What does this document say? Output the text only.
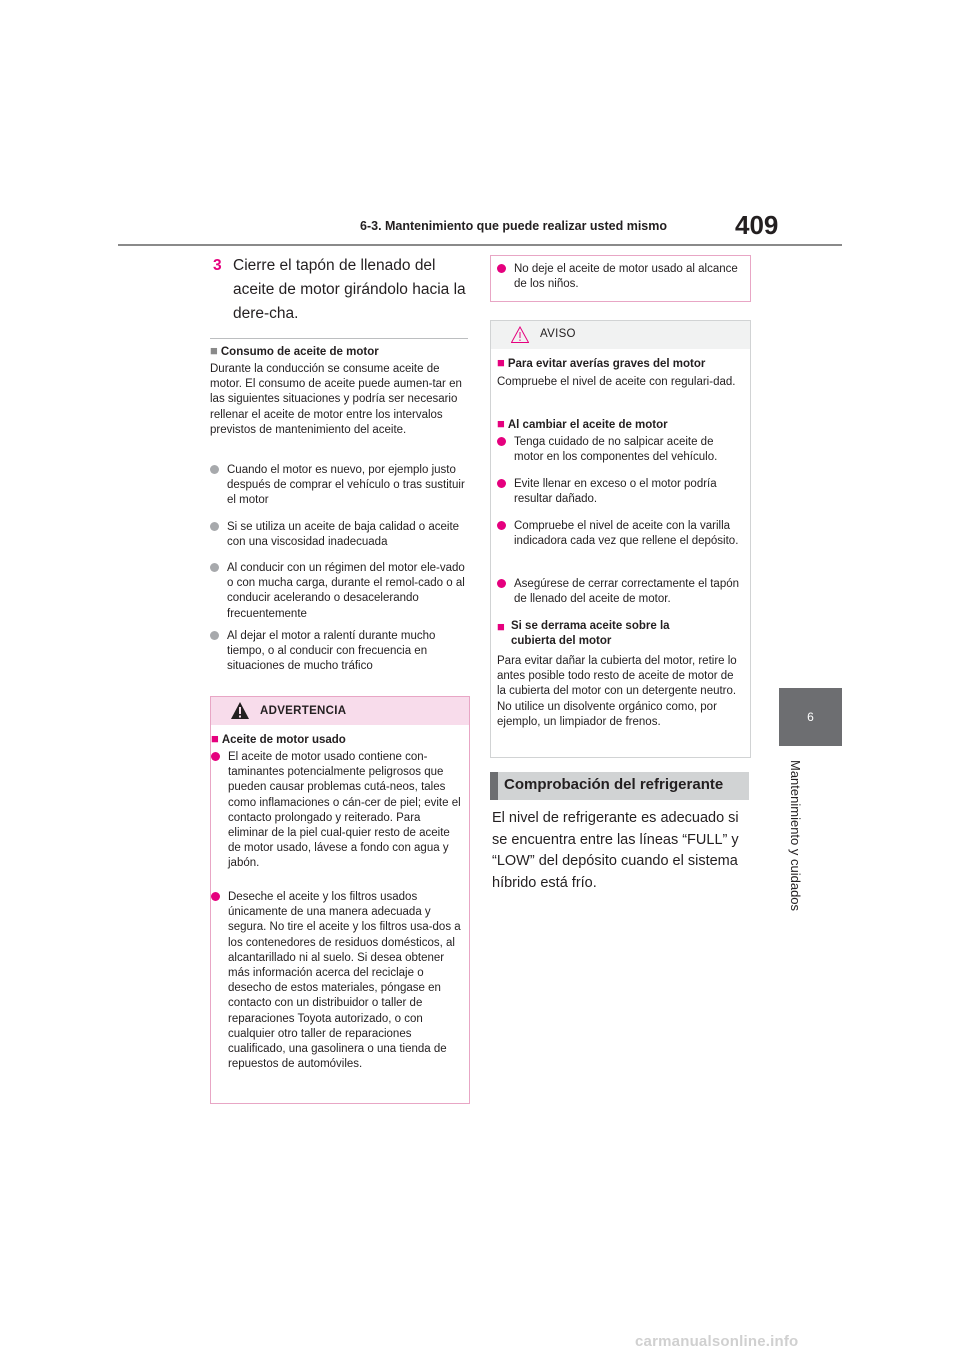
6-3. Mantenimiento que puede realizar usted mismo	409
6
Mantenimiento y cuidados
3 Cierre el tapón de llenado del aceite de motor girándolo hacia la dere-cha.
■ Consumo de aceite de motor
Durante la conducción se consume aceite de motor. El consumo de aceite puede aumen-tar en las siguientes situaciones y podría ser necesario rellenar el aceite de motor entre los intervalos previstos de mantenimiento del aceite.
Cuando el motor es nuevo, por ejemplo justo después de comprar el vehículo o tras sustituir el motor
Si se utiliza un aceite de baja calidad o aceite con una viscosidad inadecuada
Al conducir con un régimen del motor ele-vado o con mucha carga, durante el remol-cado o al conducir acelerando o desacelerando frecuentemente
Al dejar el motor a ralentí durante mucho tiempo, o al conducir con frecuencia en situaciones de mucho tráfico
ADVERTENCIA
■ Aceite de motor usado
El aceite de motor usado contiene con-taminantes potencialmente peligrosos que pueden causar problemas cutá-neos, tales como inflamaciones o cán-cer de piel; evite el contacto prolongado y reiterado. Para eliminar de la piel cual-quier resto de aceite de motor usado, lávese a fondo con agua y jabón.
Deseche el aceite y los filtros usados únicamente de una manera adecuada y segura. No tire el aceite y los filtros usa-dos a los contenedores de residuos domésticos, al alcantarillado ni al suelo. Si desea obtener más información acerca del reciclaje o desecho de estos materiales, póngase en contacto con un distribuidor o taller de reparaciones Toyota autorizado, o con cualquier otro taller de reparaciones cualificado, una gasolinera o una tienda de repuestos de automóviles.
No deje el aceite de motor usado al alcance de los niños.
AVISO
■ Para evitar averías graves del motor
Compruebe el nivel de aceite con regulari-dad.
■ Al cambiar el aceite de motor
Tenga cuidado de no salpicar aceite de motor en los componentes del vehículo.
Evite llenar en exceso o el motor podría resultar dañado.
Compruebe el nivel de aceite con la varilla indicadora cada vez que rellene el depósito.
Asegúrese de cerrar correctamente el tapón de llenado del aceite de motor.
■ Si se derrama aceite sobre la cubierta del motor
Para evitar dañar la cubierta del motor, retire lo antes posible todo resto de aceite de motor de la cubierta del motor con un detergente neutro. No utilice un disolvente orgánico como, por ejemplo, un limpiador de frenos.
Comprobación del refrigerante
El nivel de refrigerante es adecuado si se encuentra entre las líneas “FULL” y “LOW” del depósito cuando el sistema híbrido está frío.
carmanualsonline.info
